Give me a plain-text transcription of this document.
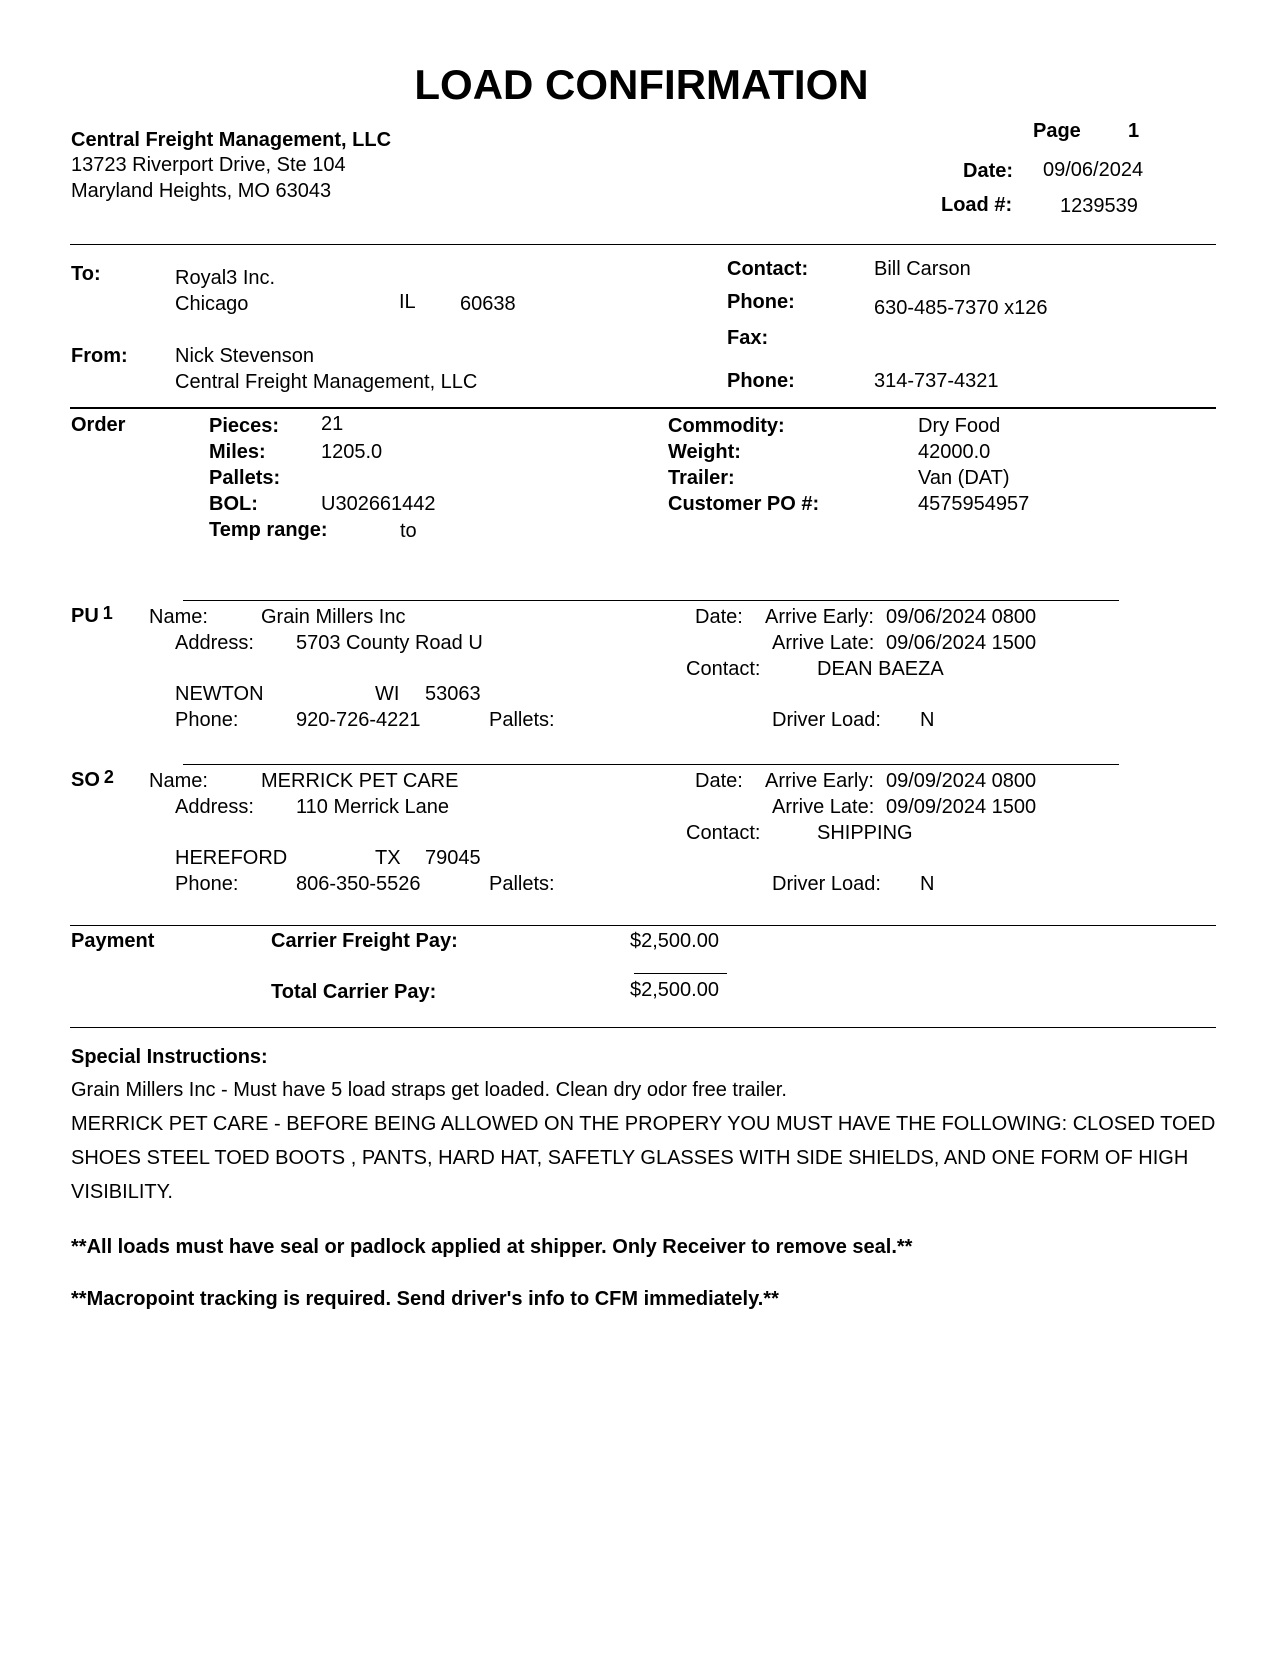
LOAD CONFIRMATION
Central Freight Management, LLC
13723 Riverport Drive, Ste 104
Maryland Heights, MO 63043
Page 1
Date: 09/06/2024
Load #: 1239539
To:	Royal3 Inc.
Chicago	IL 60638
Contact:	Bill Carson
Phone:	630-485-7370 x126
Fax:
From: Nick Stevenson
Central Freight Management, LLC	Phone:	314-737-4321
Order	Pieces: 21
Miles:	1205.0
Pallets:
BOL:	U302661442
Temp range:	to
Commodity:	Dry Food
Weight:	42000.0
Trailer:	Van (DAT)
Customer PO #:	4575954957
PU 1 Name:	Grain Millers Inc
Address: 5703 County Road U
NEWTON	WI 53063
Phone:	920-726-4221	Pallets:
Date: Arrive Early: 09/06/2024 0800
Arrive Late: 09/06/2024 1500
Contact:	DEAN BAEZA
Driver Load: N
SO 2 Name:	MERRICK PET CARE
Address: 110 Merrick Lane
HEREFORD	TX 79045
Phone:	806-350-5526	Pallets:
Date: Arrive Early: 09/09/2024 0800
Arrive Late: 09/09/2024 1500
Contact:	SHIPPING
Driver Load: N
Payment	Carrier Freight Pay:	$2,500.00
Total Carrier Pay:	$2,500.00
Special Instructions:
Grain Millers Inc - Must have 5 load straps get loaded. Clean dry odor free trailer.
MERRICK PET CARE - BEFORE BEING ALLOWED ON THE PROPERY YOU MUST HAVE THE FOLLOWING: CLOSED TOED SHOES STEEL TOED BOOTS , PANTS, HARD HAT, SAFETLY GLASSES WITH SIDE SHIELDS, AND ONE FORM OF HIGH VISIBILITY.
**All loads must have seal or padlock applied at shipper. Only Receiver to remove seal.**
**Macropoint tracking is required. Send driver's info to CFM immediately.**
